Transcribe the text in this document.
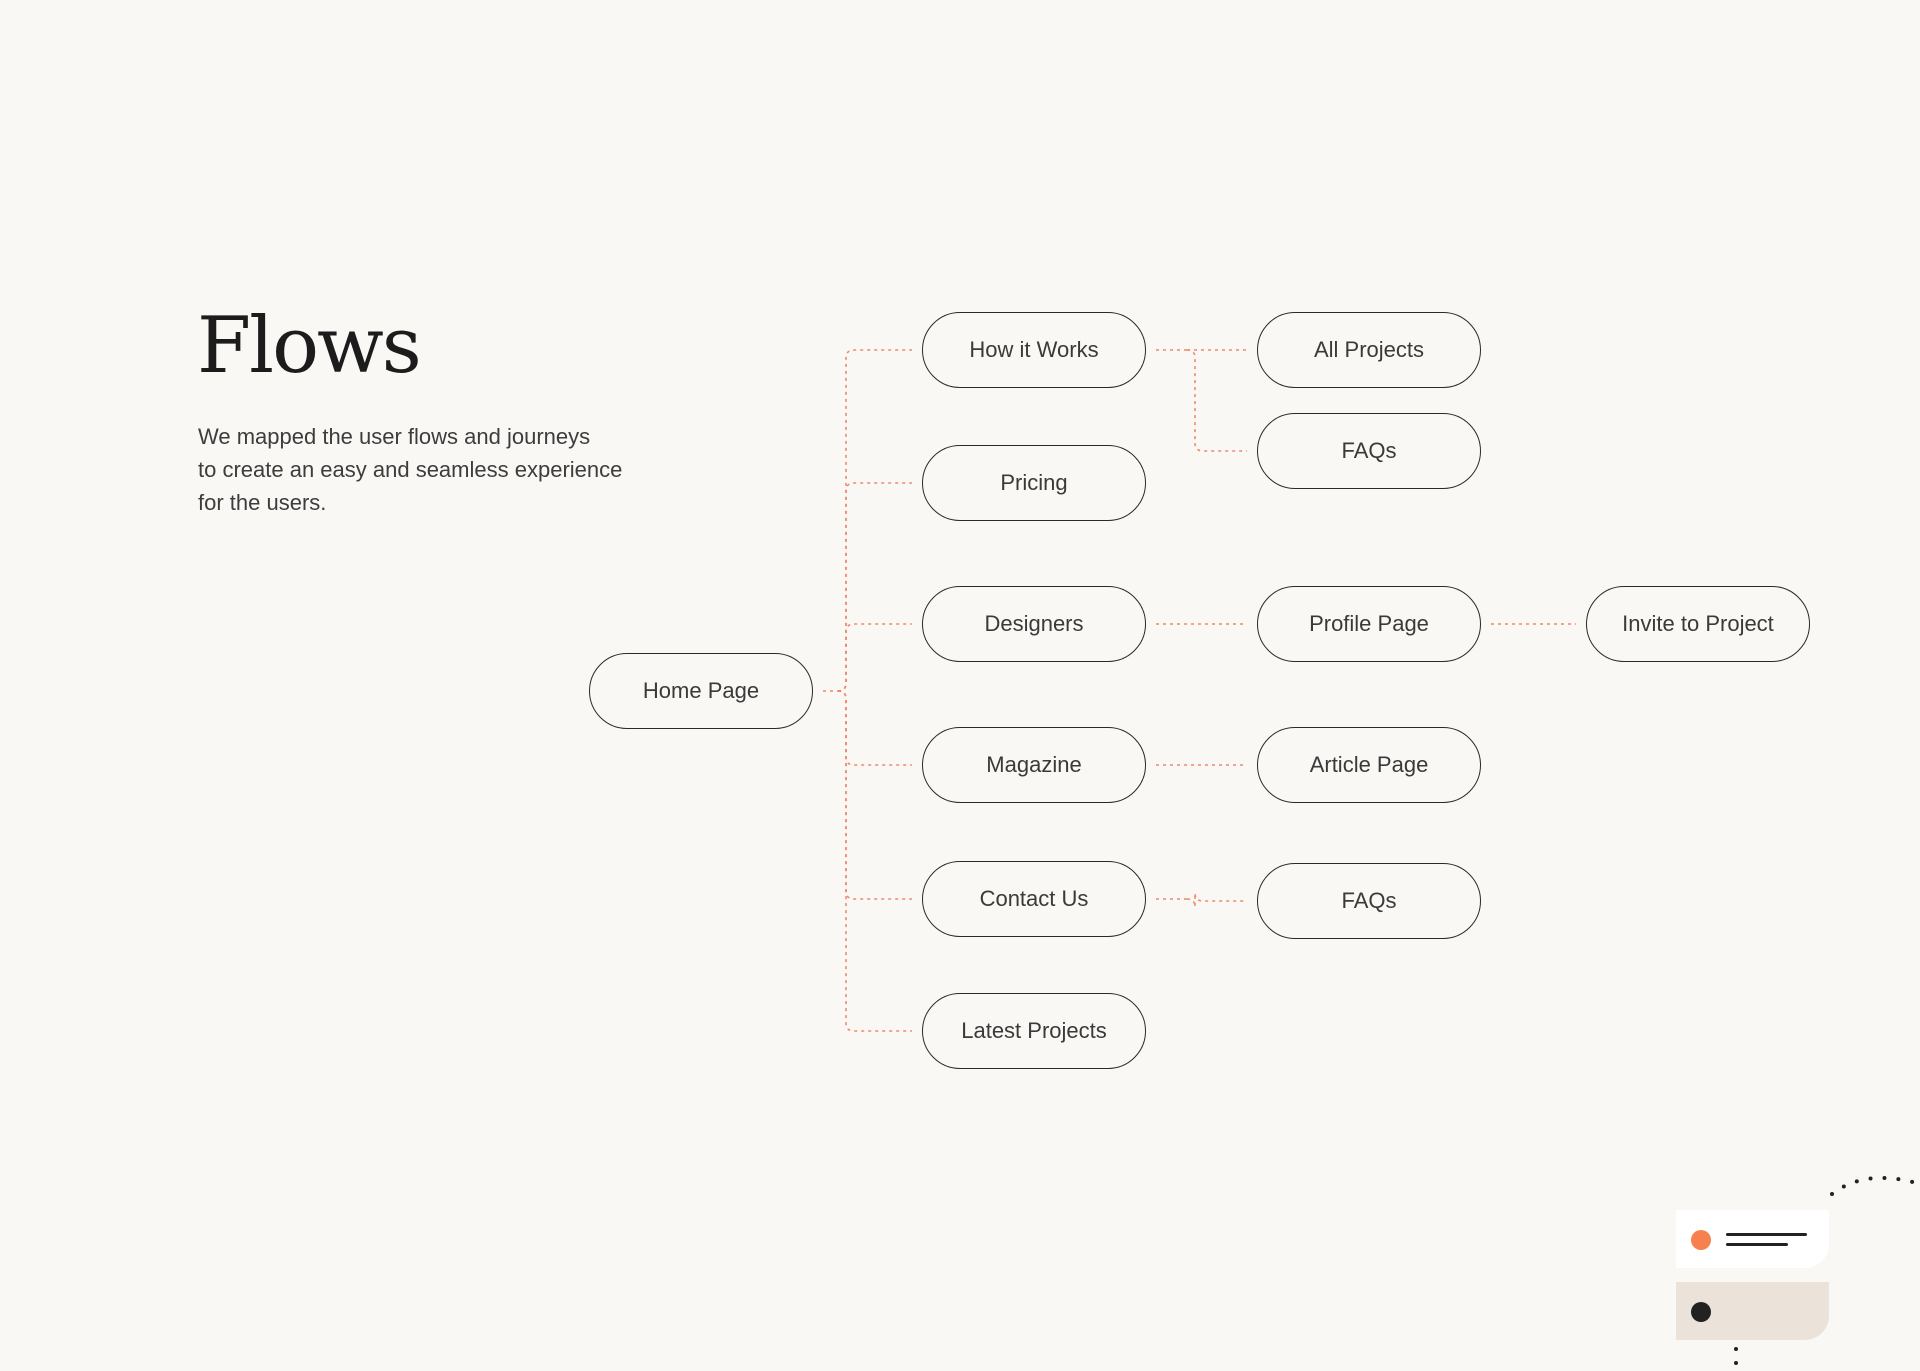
Flows

We mapped the user flows and journeys
to create an easy and seamless experience
for the users.

Home Page
How it Works
Pricing
Designers
Magazine
Contact Us
Latest Projects
All Projects
FAQs
Profile Page
Article Page
FAQs
Invite to Project
